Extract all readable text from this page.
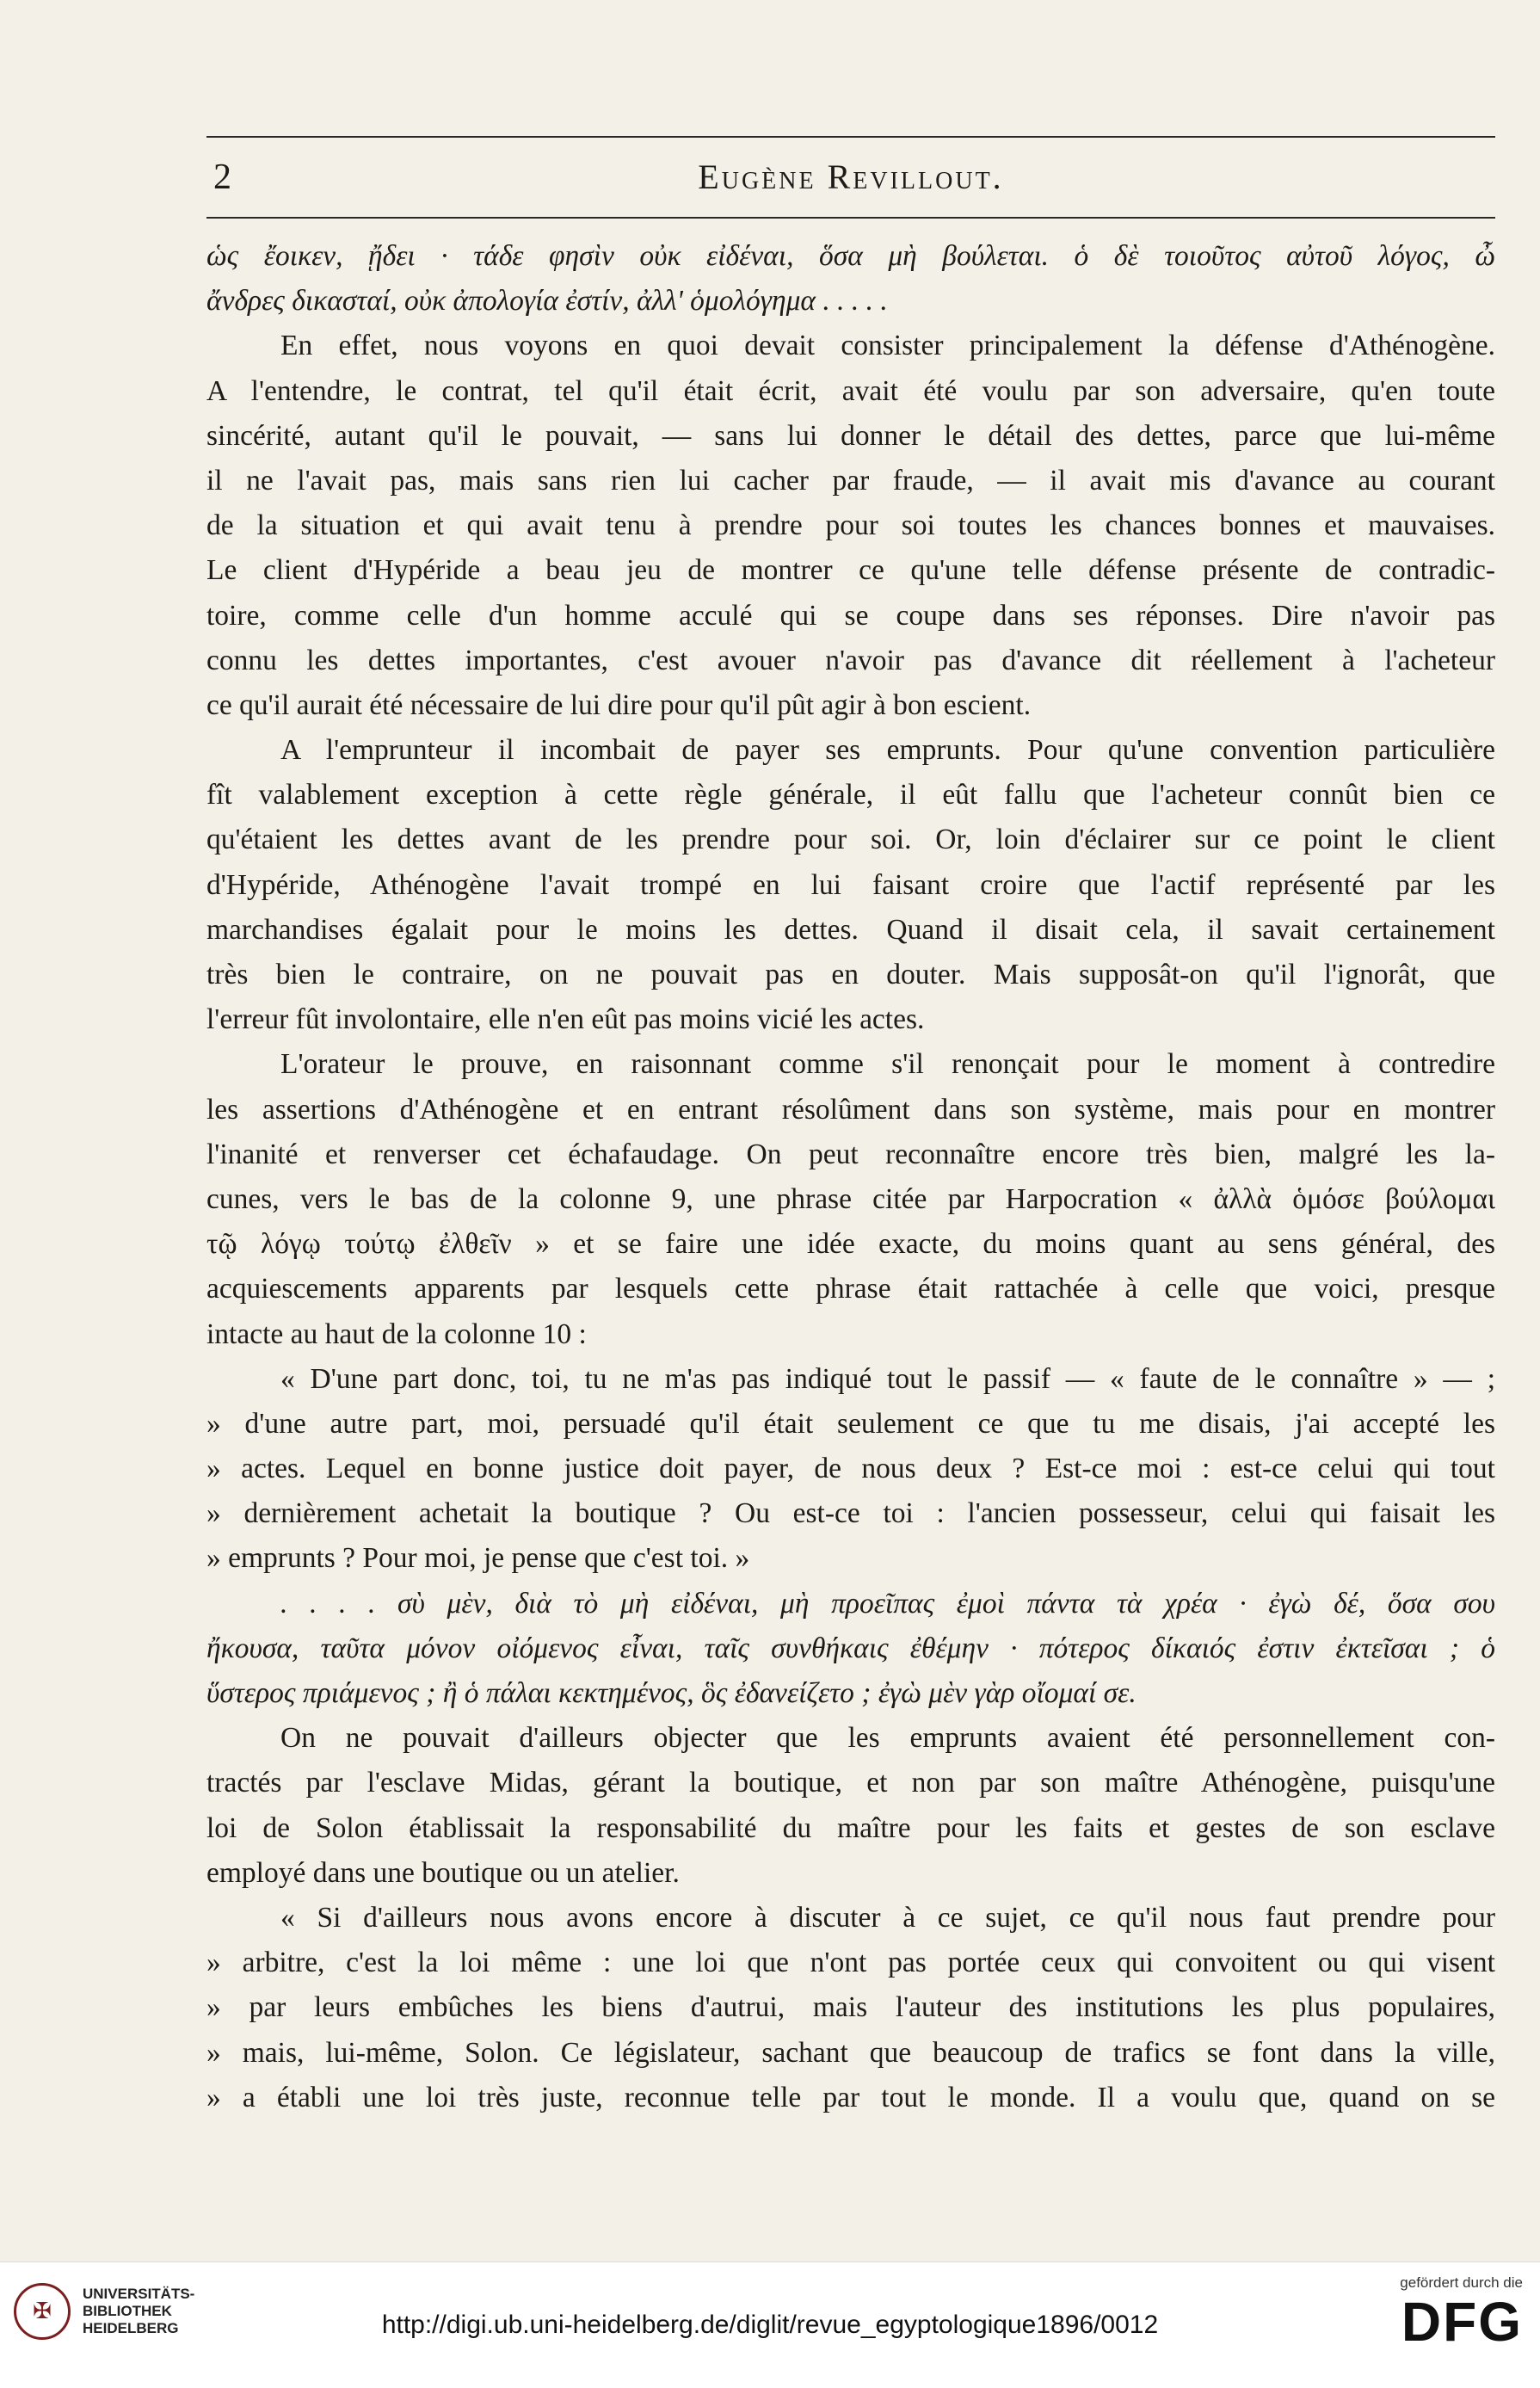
2	Eugène Revillout.
ὡς ἔοικεν, ᾔδει · τάδε φησὶν οὐκ εἰδέναι, ὅσα μὴ βούλεται. ὁ δὲ τοιοῦτος αὐτοῦ λόγος, ὦ
ἄνδρες δικασταί, οὐκ ἀπολογία ἐστίν, ἀλλ' ὁμολόγημα . . . . .
En effet, nous voyons en quoi devait consister principalement la défense d'Athénogène.
A l'entendre, le contrat, tel qu'il était écrit, avait été voulu par son adversaire, qu'en toute
sincérité, autant qu'il le pouvait, — sans lui donner le détail des dettes, parce que lui-même
il ne l'avait pas, mais sans rien lui cacher par fraude, — il avait mis d'avance au courant
de la situation et qui avait tenu à prendre pour soi toutes les chances bonnes et mauvaises.
Le client d'Hypéride a beau jeu de montrer ce qu'une telle défense présente de contradic-
toire, comme celle d'un homme acculé qui se coupe dans ses réponses. Dire n'avoir pas
connu les dettes importantes, c'est avouer n'avoir pas d'avance dit réellement à l'acheteur
ce qu'il aurait été nécessaire de lui dire pour qu'il pût agir à bon escient.
A l'emprunteur il incombait de payer ses emprunts. Pour qu'une convention particulière
fît valablement exception à cette règle générale, il eût fallu que l'acheteur connût bien ce
qu'étaient les dettes avant de les prendre pour soi. Or, loin d'éclairer sur ce point le client
d'Hypéride, Athénogène l'avait trompé en lui faisant croire que l'actif représenté par les
marchandises égalait pour le moins les dettes. Quand il disait cela, il savait certainement
très bien le contraire, on ne pouvait pas en douter. Mais supposât-on qu'il l'ignorât, que
l'erreur fût involontaire, elle n'en eût pas moins vicié les actes.
L'orateur le prouve, en raisonnant comme s'il renonçait pour le moment à contredire
les assertions d'Athénogène et en entrant résolûment dans son système, mais pour en montrer
l'inanité et renverser cet échafaudage. On peut reconnaître encore très bien, malgré les la-
cunes, vers le bas de la colonne 9, une phrase citée par Harpocration « ἀλλὰ ὁμόσε βούλομαι
τῷ λόγῳ τούτῳ ἐλθεῖν » et se faire une idée exacte, du moins quant au sens général, des
acquiescements apparents par lesquels cette phrase était rattachée à celle que voici, presque
intacte au haut de la colonne 10 :
« D'une part donc, toi, tu ne m'as pas indiqué tout le passif — « faute de le connaître » — ;
» d'une autre part, moi, persuadé qu'il était seulement ce que tu me disais, j'ai accepté les
» actes. Lequel en bonne justice doit payer, de nous deux ? Est-ce moi : est-ce celui qui tout
» dernièrement achetait la boutique ? Ou est-ce toi : l'ancien possesseur, celui qui faisait les
» emprunts ? Pour moi, je pense que c'est toi. »
. . . . σὺ μὲν, διὰ τὸ μὴ εἰδέναι, μὴ προεῖπας ἐμοὶ πάντα τὰ χρέα · ἐγὼ δέ, ὅσα σου
ἤκουσα, ταῦτα μόνον οἰόμενος εἶναι, ταῖς συνθήκαις ἐθέμην · πότερος δίκαιός ἐστιν ἐκτεῖσαι ; ὁ
ὕστερος πριάμενος ; ἢ ὁ πάλαι κεκτημένος, ὃς ἐδανείζετο ; ἐγὼ μὲν γὰρ οἴομαί σε.
On ne pouvait d'ailleurs objecter que les emprunts avaient été personnellement con-
tractés par l'esclave Midas, gérant la boutique, et non par son maître Athénogène, puisqu'une
loi de Solon établissait la responsabilité du maître pour les faits et gestes de son esclave
employé dans une boutique ou un atelier.
« Si d'ailleurs nous avons encore à discuter à ce sujet, ce qu'il nous faut prendre pour
» arbitre, c'est la loi même : une loi que n'ont pas portée ceux qui convoitent ou qui visent
» par leurs embûches les biens d'autrui, mais l'auteur des institutions les plus populaires,
» mais, lui-même, Solon. Ce législateur, sachant que beaucoup de trafics se font dans la ville,
» a établi une loi très juste, reconnue telle par tout le monde. Il a voulu que, quand on se
✠
UNIVERSITÄTS-
BIBLIOTHEK
HEIDELBERG	http://digi.ub.uni-heidelberg.de/diglit/revue_egyptologique1896/0012
gefördert durch die
DFG
